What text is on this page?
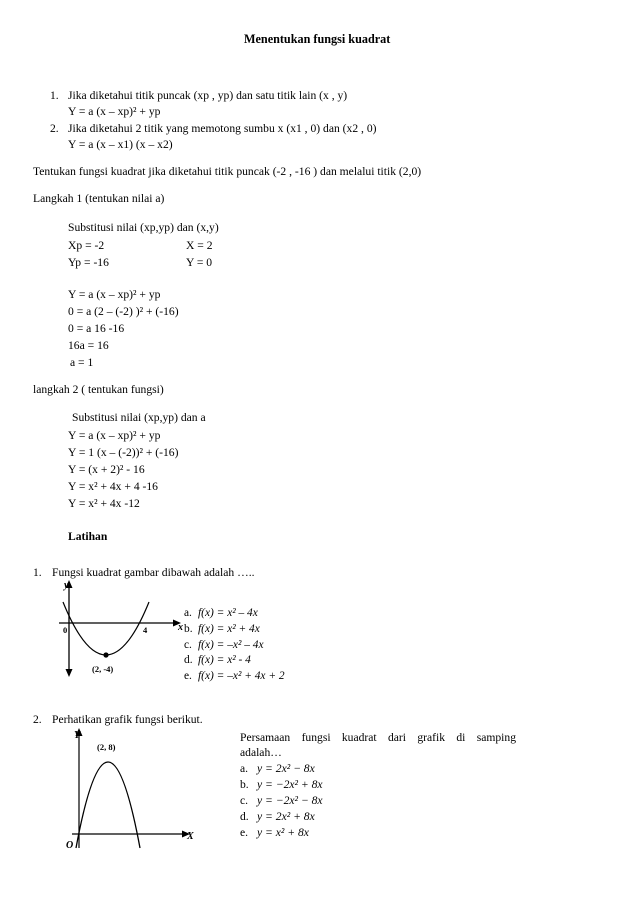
Menentukan fungsi kuadrat
1. Jika diketahui titik puncak (xp , yp) dan satu titik lain (x , y)
Y = a (x – xp)² + yp
2. Jika diketahui 2 titik yang memotong sumbu x (x1 , 0) dan (x2 , 0)
Y = a (x – x1) (x – x2)
Tentukan fungsi kuadrat jika diketahui titik puncak (-2 , -16 ) dan melalui titik (2,0)
Langkah 1 (tentukan nilai a)
Substitusi nilai (xp,yp) dan (x,y)
Xp = -2	X = 2
Yp = -16	Y = 0
Y = a (x – xp)² + yp
0 = a (2 – (-2) )² + (-16)
0 = a 16 -16
16a = 16
a = 1
langkah 2 ( tentukan fungsi)
Substitusi nilai (xp,yp) dan a
Y = a (x – xp)² + yp
Y = 1 (x – (-2))² + (-16)
Y = (x + 2)² - 16
Y = x² + 4x + 4 -16
Y = x² + 4x -12
Latihan
1. Fungsi kuadrat gambar dibawah adalah …..
y
x
0	4
(2, -4)
a. f(x) = x² – 4x
b. f(x) = x² + 4x
c. f(x) = –x² – 4x
d. f(x) = x² - 4
e. f(x) = –x² + 4x + 2
2. Perhatikan grafik fungsi berikut.
Y
X
O
(2, 8)
Persamaan fungsi kuadrat dari grafik di samping
adalah…
a. y = 2x² − 8x
b. y = −2x² + 8x
c. y = −2x² − 8x
d. y = 2x² + 8x
e. y = x² + 8x
